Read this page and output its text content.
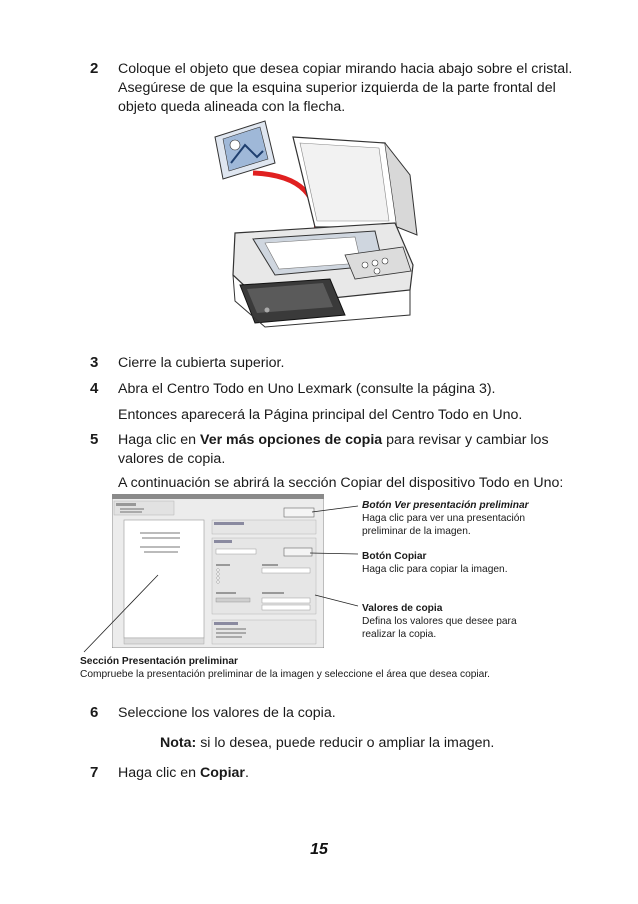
2 Coloque el objeto que desea copiar mirando hacia abajo sobre el cristal.
Asegúrese de que la esquina superior izquierda de la parte frontal del
objeto queda alineada con la flecha.
3 Cierre la cubierta superior.
4 Abra el Centro Todo en Uno Lexmark (consulte la página 3).
Entonces aparecerá la Página principal del Centro Todo en Uno.
5 Haga clic en Ver más opciones de copia para revisar y cambiar los
valores de copia.
A continuación se abrirá la sección Copiar del dispositivo Todo en Uno:
Botón Ver presentación preliminar
Haga clic para ver una presentación
preliminar de la imagen.
Botón Copiar
Haga clic para copiar la imagen.
Valores de copia
Defina los valores que desee para
realizar la copia.
Sección Presentación preliminar
Compruebe la presentación preliminar de la imagen y seleccione el área que desea copiar.
6 Seleccione los valores de la copia.
Nota: si lo desea, puede reducir o ampliar la imagen.
7 Haga clic en Copiar.
15
